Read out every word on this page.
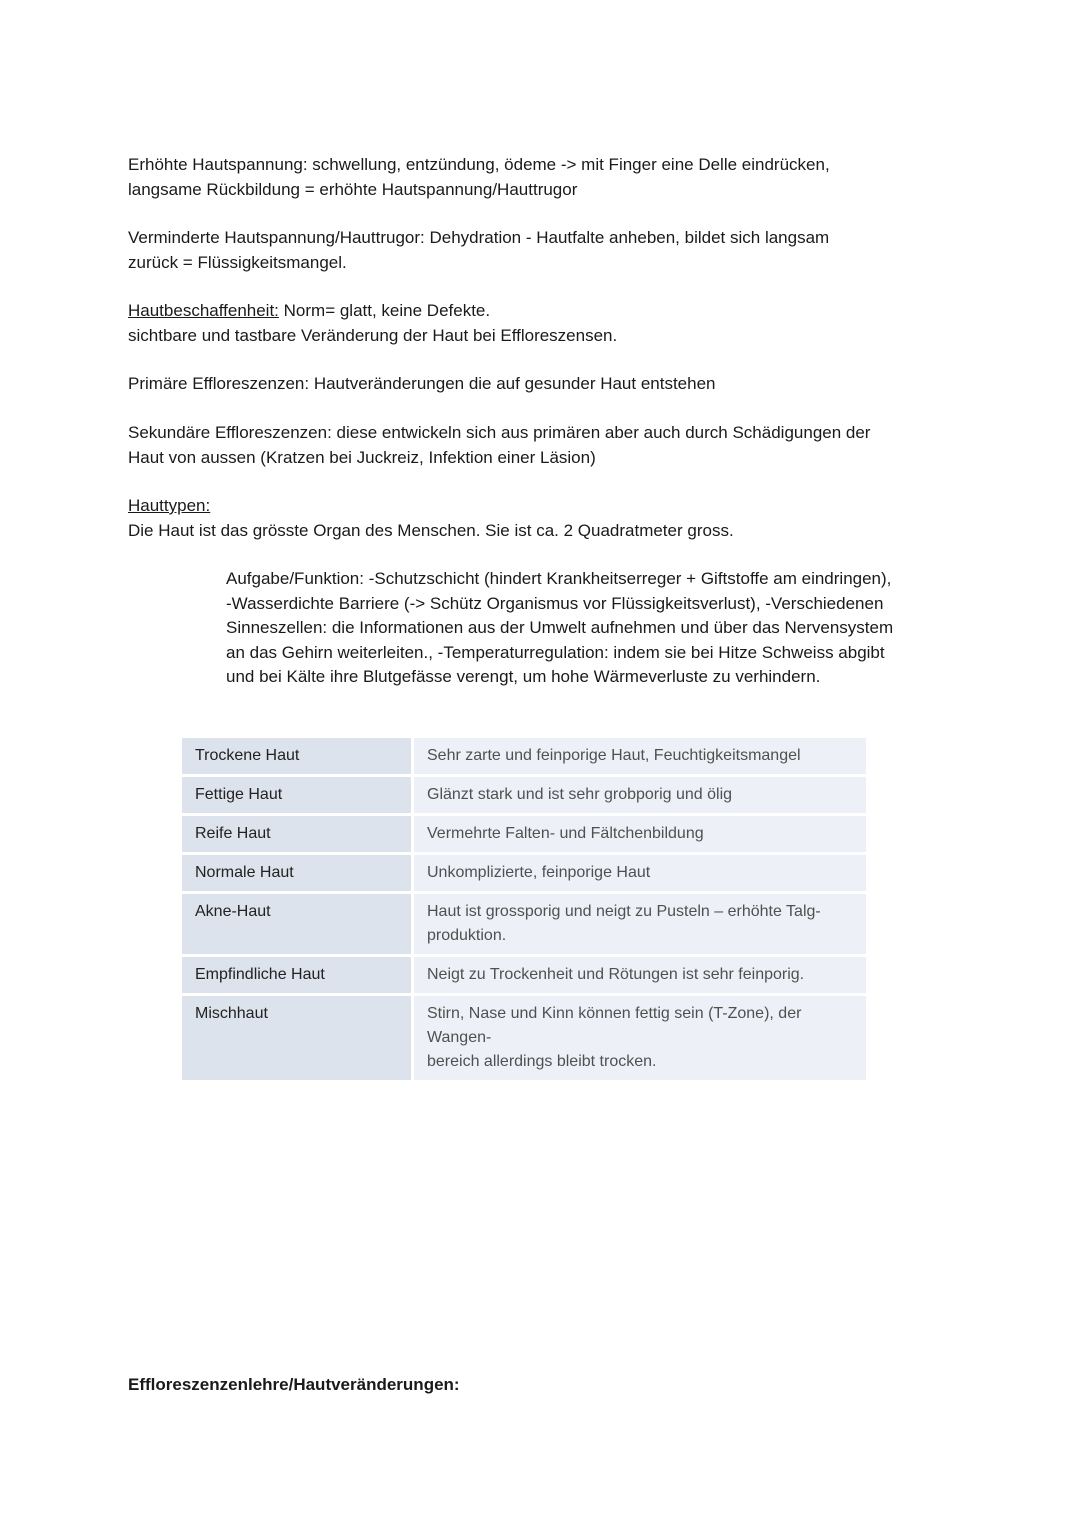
Erhöhte Hautspannung: schwellung, entzündung, ödeme -> mit Finger eine Delle eindrücken,
langsame Rückbildung = erhöhte Hautspannung/Hauttrugor

Verminderte Hautspannung/Hauttrugor: Dehydration - Hautfalte anheben, bildet sich langsam
zurück = Flüssigkeitsmangel.

Hautbeschaffenheit: Norm= glatt, keine Defekte.
sichtbare und tastbare Veränderung der Haut bei Effloreszensen.

Primäre Effloreszenzen: Hautveränderungen die auf gesunder Haut entstehen

Sekundäre Effloreszenzen: diese entwickeln sich aus primären aber auch durch Schädigungen der
Haut von aussen (Kratzen bei Juckreiz, Infektion einer Läsion)

Hauttypen:
Die Haut ist das grösste Organ des Menschen. Sie ist ca. 2 Quadratmeter gross.

Aufgabe/Funktion: -Schutzschicht (hindert Krankheitserreger + Giftstoffe am eindringen),
-Wasserdichte Barriere (-> Schütz Organismus vor Flüssigkeitsverlust), -Verschiedenen
Sinneszellen: die Informationen aus der Umwelt aufnehmen und über das Nervensystem
an das Gehirn weiterleiten., -Temperaturregulation: indem sie bei Hitze Schweiss abgibt
und bei Kälte ihre Blutgefässe verengt, um hohe Wärmeverluste zu verhindern.

Trockene Haut	Sehr zarte und feinporige Haut, Feuchtigkeitsmangel
Fettige Haut	Glänzt stark und ist sehr grobporig und ölig
Reife Haut	Vermehrte Falten- und Fältchenbildung
Normale Haut	Unkomplizierte, feinporige Haut
Akne-Haut	Haut ist grossporig und neigt zu Pusteln – erhöhte Talg-
produktion.
Empfindliche Haut	Neigt zu Trockenheit und Rötungen ist sehr feinporig.
Mischhaut	Stirn, Nase und Kinn können fettig sein (T-Zone), der Wangen-
bereich allerdings bleibt trocken.

Effloreszenzenlehre/Hautveränderungen:
